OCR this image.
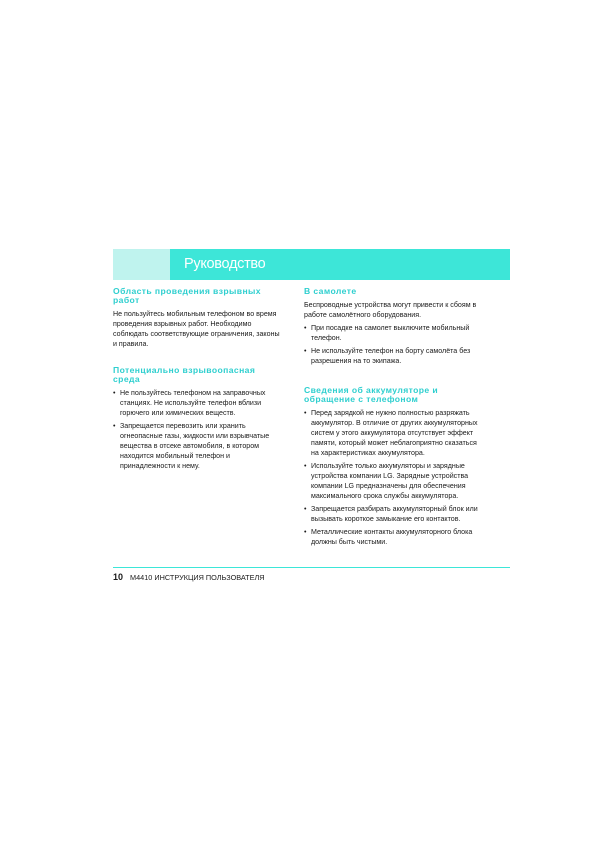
Руководство
Область проведения взрывных работ
Не пользуйтесь мобильным телефоном во время проведения взрывных работ. Необходимо соблюдать соответствующие ограничения, законы и правила.
Потенциально взрывоопасная среда
• Не пользуйтесь телефоном на заправочных станциях. Не используйте телефон вблизи горючего или химических веществ.
• Запрещается перевозить или хранить огнеопасные газы, жидкости или взрывчатые вещества в отсеке автомобиля, в котором находится мобильный телефон и принадлежности к нему.
В самолете
Беспроводные устройства могут привести к сбоям в работе самолётного оборудования.
• При посадке на самолет выключите мобильный телефон.
• Не используйте телефон на борту самолёта без разрешения на то экипажа.
Сведения об аккумуляторе и обращение с телефоном
• Перед зарядкой не нужно полностью разряжать аккумулятор. В отличие от других аккумуляторных систем у этого аккумулятора отсутствует эффект памяти, который может неблагоприятно сказаться на характеристиках аккумулятора.
• Используйте только аккумуляторы и зарядные устройства компании LG. Зарядные устройства компании LG предназначены для обеспечения максимального срока службы аккумулятора.
• Запрещается разбирать аккумуляторный блок или вызывать короткое замыкание его контактов.
• Металлические контакты аккумуляторного блока должны быть чистыми.
10 M4410 ИНСТРУКЦИЯ ПОЛЬЗОВАТЕЛЯ
